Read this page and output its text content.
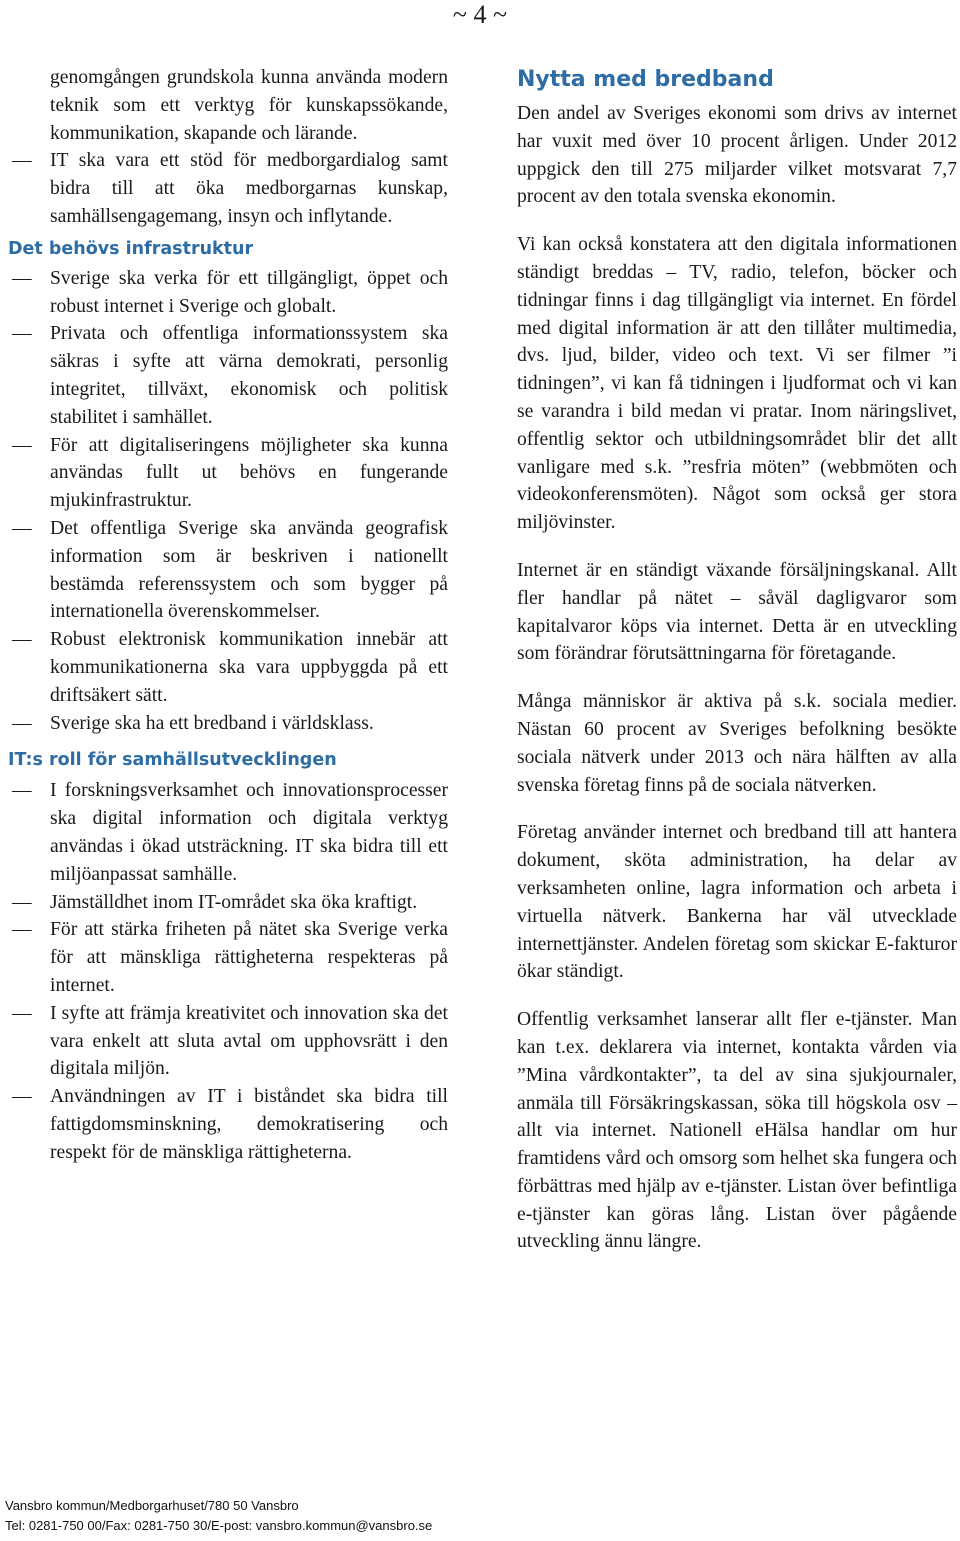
~ 4 ~

genomgången grundskola kunna använda modern teknik som ett verktyg för kunskapssökande, kommunikation, skapande och lärande.

— IT ska vara ett stöd för medborgardialog samt bidra till att öka medborgarnas kunskap, samhällsengagemang, insyn och inflytande.
Det behövs infrastruktur
— Sverige ska verka för ett tillgängligt, öppet och robust internet i Sverige och globalt.
— Privata och offentliga informationssystem ska säkras i syfte att värna demokrati, personlig integritet, tillväxt, ekonomisk och politisk stabilitet i samhället.
— För att digitaliseringens möjligheter ska kunna användas fullt ut behövs en fungerande mjukinfrastruktur.
— Det offentliga Sverige ska använda geografisk information som är beskriven i nationellt bestämda referenssystem och som bygger på internationella överenskommelser.
— Robust elektronisk kommunikation innebär att kommunikationerna ska vara uppbyggda på ett driftsäkert sätt.
— Sverige ska ha ett bredband i världsklass.
IT:s roll för samhällsutvecklingen
— I forskningsverksamhet och innovationsprocesser ska digital information och digitala verktyg användas i ökad utsträckning. IT ska bidra till ett miljöanpassat samhälle.
— Jämställdhet inom IT-området ska öka kraftigt.
— För att stärka friheten på nätet ska Sverige verka för att mänskliga rättigheterna respekteras på internet.
— I syfte att främja kreativitet och innovation ska det vara enkelt att sluta avtal om upphovsrätt i den digitala miljön.
— Användningen av IT i biståndet ska bidra till fattigdomsminskning, demokratisering och respekt för de mänskliga rättigheterna.
Nytta med bredband

Den andel av Sveriges ekonomi som drivs av internet har vuxit med över 10 procent årligen. Under 2012 uppgick den till 275 miljarder vilket motsvarat 7,7 procent av den totala svenska ekonomin.

Vi kan också konstatera att den digitala informationen ständigt breddas – TV, radio, telefon, böcker och tidningar finns i dag tillgängligt via internet. En fördel med digital information är att den tillåter multimedia, dvs. ljud, bilder, video och text. Vi ser filmer ”i tidningen”, vi kan få tidningen i ljudformat och vi kan se varandra i bild medan vi pratar. Inom näringslivet, offentlig sektor och utbildningsområdet blir det allt vanligare med s.k. ”resfria möten” (webbmöten och videokonferensmöten). Något som också ger stora miljövinster.

Internet är en ständigt växande försäljningskanal. Allt fler handlar på nätet – såväl dagligvaror som kapitalvaror köps via internet. Detta är en utveckling som förändrar förutsättningarna för företagande.

Många människor är aktiva på s.k. sociala medier. Nästan 60 procent av Sveriges befolkning besökte sociala nätverk under 2013 och nära hälften av alla svenska företag finns på de sociala nätverken.

Företag använder internet och bredband till att hantera dokument, sköta administration, ha delar av verksamheten online, lagra information och arbeta i virtuella nätverk. Bankerna har väl utvecklade internettjänster. Andelen företag som skickar E-fakturor ökar ständigt.

Offentlig verksamhet lanserar allt fler e-tjänster. Man kan t.ex. deklarera via internet, kontakta vården via ”Mina vårdkontakter”, ta del av sina sjukjournaler, anmäla till Försäkringskassan, söka till högskola osv – allt via internet. Nationell eHälsa handlar om hur framtidens vård och omsorg som helhet ska fungera och förbättras med hjälp av e-tjänster. Listan över befintliga e-tjänster kan göras lång. Listan över pågående utveckling ännu längre.

Vansbro kommun/Medborgarhuset/780 50 Vansbro
Tel: 0281-750 00/Fax: 0281-750 30/E-post: vansbro.kommun@vansbro.se
